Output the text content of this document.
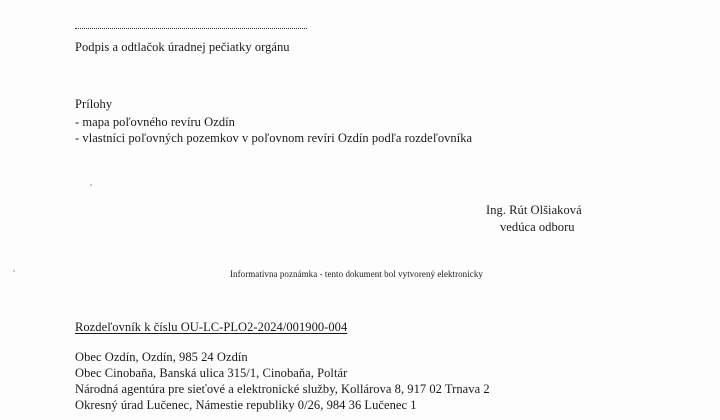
Podpis a odtlačok úradnej pečiatky orgánu
Prílohy
- mapa poľovného revíru Ozdín
- vlastníci poľovných pozemkov v poľovnom revíri Ozdín podľa rozdeľovníka
Ing. Rút Olšiaková
vedúca odboru
Informatívna poznámka - tento dokument bol vytvorený elektronicky
Rozdeľovník k číslu OU-LC-PLO2-2024/001900-004
Obec Ozdín, Ozdín, 985 24 Ozdín
Obec Cinobaňa, Banská ulica 315/1, Cinobaňa, Poltár
Národná agentúra pre sieťové a elektronické služby, Kollárova 8, 917 02 Trnava 2
Okresný úrad Lučenec, Námestie republiky 0/26, 984 36 Lučenec 1
